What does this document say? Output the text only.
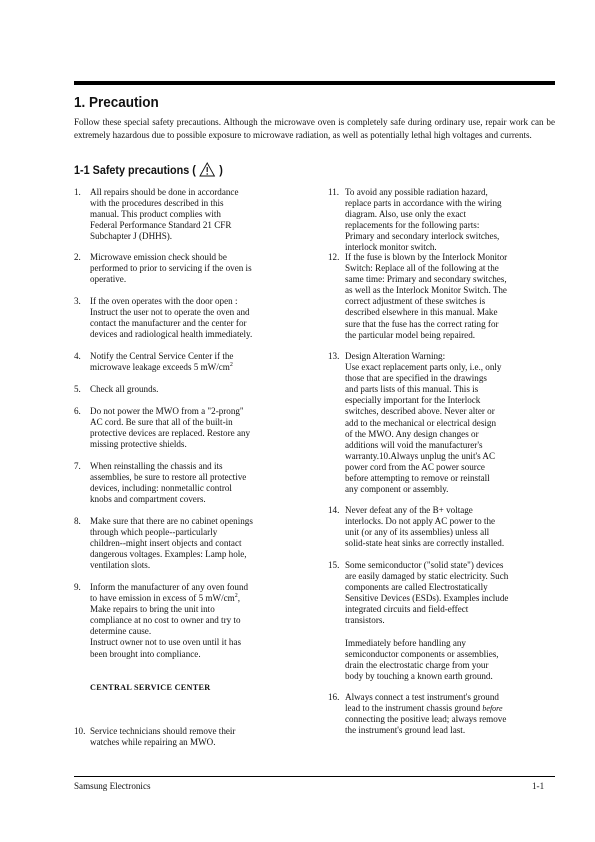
1. Precaution

Follow these special safety precautions. Although the microwave oven is completely safe during ordinary use, repair work can be extremely hazardous due to possible exposure to microwave radiation, as well as potentially lethal high voltages and currents.

1-1 Safety precautions ( )
1. All repairs should be done in accordance
with the procedures described in this
manual. This product complies with
Federal Performance Standard 21 CFR
Subchapter J (DHHS).
2. Microwave emission check should be
performed to prior to servicing if the oven is
operative.
3. If the oven operates with the door open :
Instruct the user not to operate the oven and
contact the manufacturer and the center for
devices and radiological health immediately.
4. Notify the Central Service Center if the
microwave leakage exceeds 5 $mW/cm^2$
5. Check all grounds.
6. Do not power the MWO from a "2-prong"
AC cord. Be sure that all of the built-in
protective devices are replaced. Restore any
missing protective shields.
7. When reinstalling the chassis and its
assemblies, be sure to restore all protective
devices, including: nonmetallic control
knobs and compartment covers.
8. Make sure that there are no cabinet openings
through which people--particularly
children--might insert objects and contact
dangerous voltages. Examples: Lamp hole,
ventilation slots.
9. Inform the manufacturer of any oven found
to have emission in excess of 5 $mW/cm^2$,
Make repairs to bring the unit into
compliance at no cost to owner and try to
determine cause.
Instruct owner not to use oven until it has
been brought into compliance.

CENTRAL SERVICE CENTER

10. Service technicians should remove their
watches while repairing an MWO.
11. To avoid any possible radiation hazard,
replace parts in accordance with the wiring
diagram. Also, use only the exact
replacements for the following parts:
Primary and secondary interlock switches,
interlock monitor switch.
12. If the fuse is blown by the Interlock Monitor
Switch: Replace all of the following at the
same time: Primary and secondary switches,
as well as the Interlock Monitor Switch. The
correct adjustment of these switches is
described elsewhere in this manual. Make
sure that the fuse has the correct rating for
the particular model being repaired.
13. Design Alteration Warning:
Use exact replacement parts only, i.e., only
those that are specified in the drawings
and parts lists of this manual. This is
especially important for the Interlock
switches, described above. Never alter or
add to the mechanical or electrical design
of the MWO. Any design changes or
additions will void the manufacturer's
warranty.10.Always unplug the unit's AC
power cord from the AC power source
before attempting to remove or reinstall
any component or assembly.
14. Never defeat any of the B+ voltage
interlocks. Do not apply AC power to the
unit (or any of its assemblies) unless all
solid-state heat sinks are correctly installed.
15. Some semiconductor ("solid state") devices
are easily damaged by static electricity. Such
components are called Electrostatically
Sensitive Devices (ESDs). Examples include
integrated circuits and field-effect
transistors.
Immediately before handling any
semiconductor components or assemblies,
drain the electrostatic charge from your
body by touching a known earth ground.
16. Always connect a test instrument's ground
lead to the instrument chassis ground before
connecting the positive lead; always remove
the instrument's ground lead last.

Samsung Electronics	1-1
